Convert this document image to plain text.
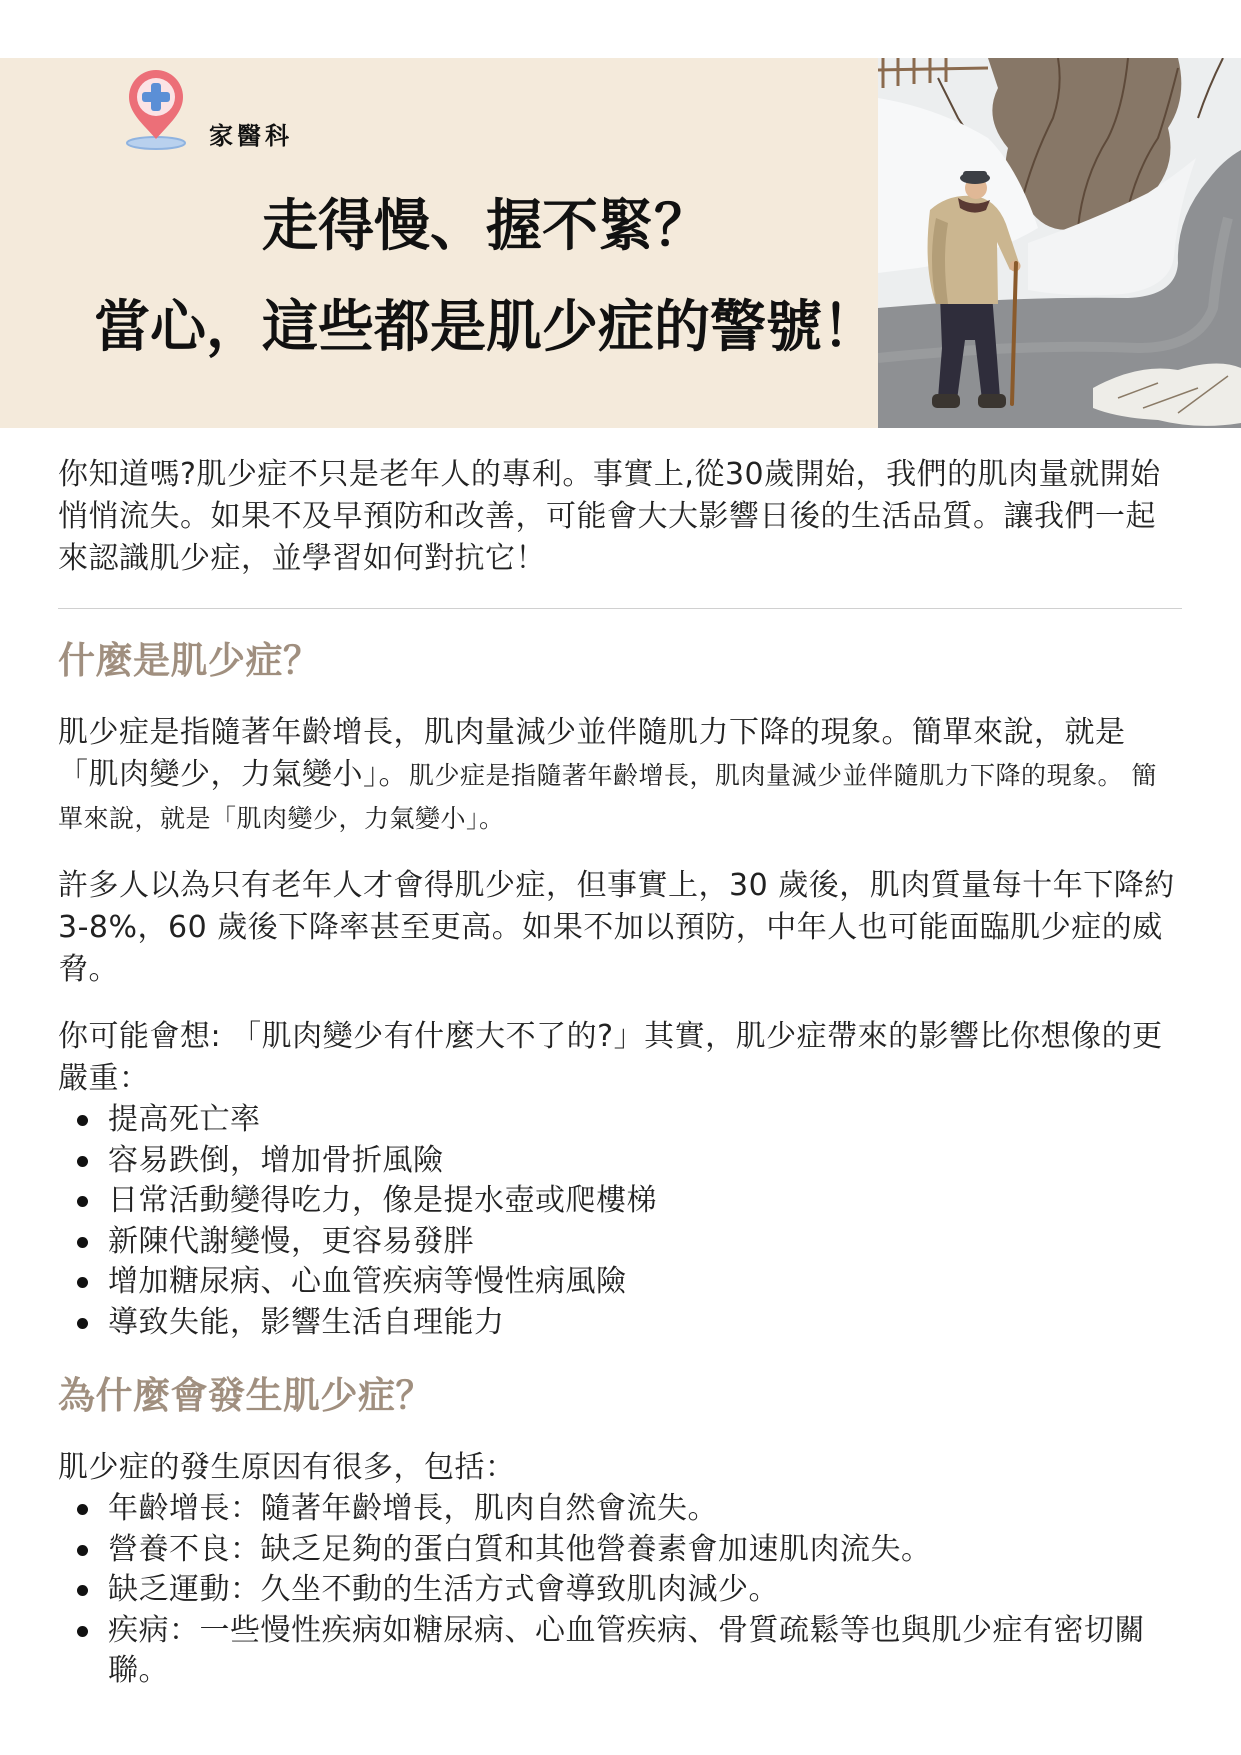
家醫科
走得慢、握不緊？
當心，這些都是肌少症的警號！

你知道嗎?肌少症不只是老年人的專利。事實上,從30歲開始，我們的肌肉量就開始悄悄流失。如果不及早預防和改善，可能會大大影響日後的生活品質。讓我們一起來認識肌少症，並學習如何對抗它！

什麼是肌少症？

肌少症是指隨著年齡增長，肌肉量減少並伴隨肌力下降的現象。簡單來說，就是「肌肉變少，力氣變小」。肌少症是指隨著年齡增長，肌肉量減少並伴隨肌力下降的現象。 簡單來說，就是「肌肉變少，力氣變小」。

許多人以為只有老年人才會得肌少症，但事實上，30 歲後，肌肉質量每十年下降約 3-8%，60 歲後下降率甚至更高。如果不加以預防，中年人也可能面臨肌少症的威脅。

你可能會想: 「肌肉變少有什麼大不了的?」其實，肌少症帶來的影響比你想像的更嚴重：

提高死亡率
容易跌倒，增加骨折風險
日常活動變得吃力，像是提水壺或爬樓梯
新陳代謝變慢，更容易發胖
增加糖尿病、心血管疾病等慢性病風險
導致失能，影響生活自理能力
為什麼會發生肌少症？

肌少症的發生原因有很多，包括：

年齡增長：隨著年齡增長，肌肉自然會流失。
營養不良：缺乏足夠的蛋白質和其他營養素會加速肌肉流失。
缺乏運動：久坐不動的生活方式會導致肌肉減少。
疾病：一些慢性疾病如糖尿病、心血管疾病、骨質疏鬆等也與肌少症有密切關聯。
